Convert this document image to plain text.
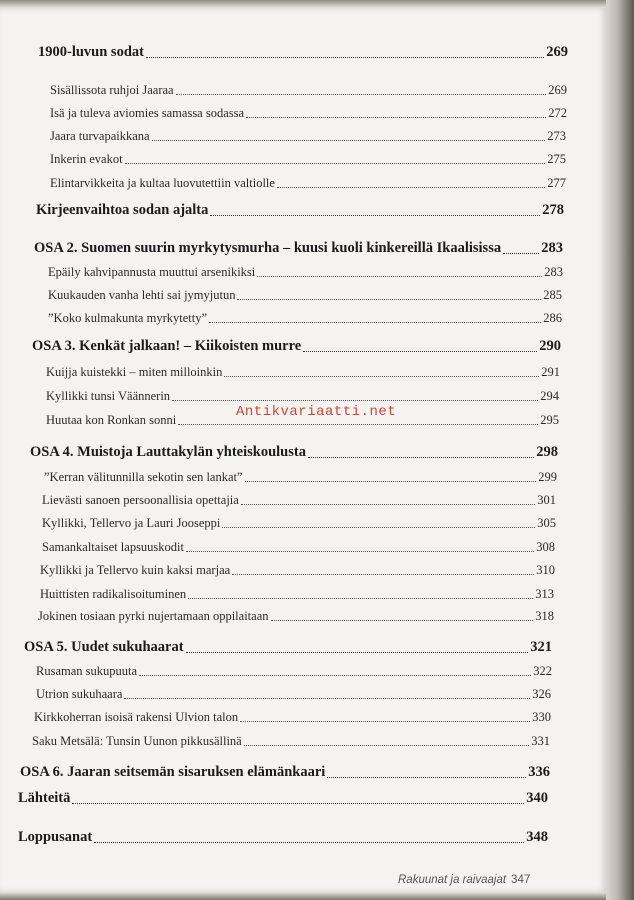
1900-luvun sodat	269
Sisällissota ruhjoi Jaaraa	269
Isä ja tuleva aviomies samassa sodassa	272
Jaara turvapaikkana	273
Inkerin evakot	275
Elintarvikkeita ja kultaa luovutettiin valtiolle	277
Kirjeenvaihtoa sodan ajalta	278
OSA 2. Suomen suurin myrkytysmurha – kuusi kuoli kinkereillä Ikaalisissa	283
Epäily kahvipannusta muuttui arsenikiksi	283
Kuukauden vanha lehti sai jymyjutun	285
”Koko kulmakunta myrkytetty”	286
OSA 3. Kenkät jalkaan! – Kiikoisten murre	290
Kuijja kuistekki – miten milloinkin	291
Kyllikki tunsi Väännerin	294
Huutaa kon Ronkan sonni	295
OSA 4. Muistoja Lauttakylän yhteiskoulusta	298
”Kerran välitunnilla sekotin sen lankat”	299
Lievästi sanoen persoonallisia opettajia	301
Kyllikki, Tellervo ja Lauri Jooseppi	305
Samankaltaiset lapsuuskodit	308
Kyllikki ja Tellervo kuin kaksi marjaa	310
Huittisten radikalisoituminen	313
Jokinen tosiaan pyrki nujertamaan oppilaitaan	318
OSA 5. Uudet sukuhaarat	321
Rusaman sukupuuta	322
Utrion sukuhaara	326
Kirkkoherran isoisä rakensi Ulvion talon	330
Saku Metsälä: Tunsin Uunon pikkusällinä	331
OSA 6. Jaaran seitsemän sisaruksen elämänkaari	336
Lähteitä	340
Loppusanat	348
Antikvariaatti.net
Rakuunat ja raivaajat 347
